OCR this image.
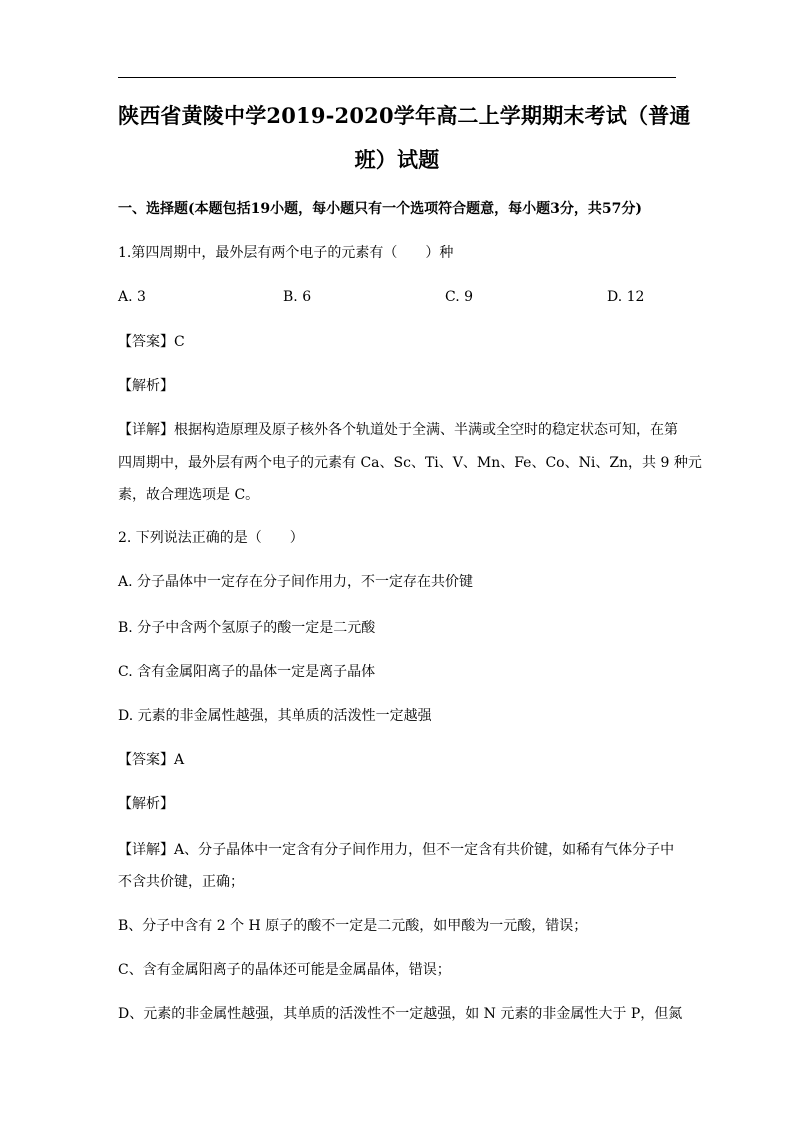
陕西省黄陵中学2019-2020学年高二上学期期末考试（普通
班）试题
一、选择题(本题包括19小题，每小题只有一个选项符合题意，每小题3分，共57分)
1.第四周期中，最外层有两个电子的元素有（　　）种
A. 3	B. 6	C. 9	D. 12
【答案】C
【解析】
【详解】根据构造原理及原子核外各个轨道处于全满、半满或全空时的稳定状态可知，在第
四周期中，最外层有两个电子的元素有 Ca、Sc、Ti、V、Mn、Fe、Co、Ni、Zn，共 9 种元
素，故合理选项是 C。
2. 下列说法正确的是（　　）
A. 分子晶体中一定存在分子间作用力，不一定存在共价键
B. 分子中含两个氢原子的酸一定是二元酸
C. 含有金属阳离子的晶体一定是离子晶体
D. 元素的非金属性越强，其单质的活泼性一定越强
【答案】A
【解析】
【详解】A、分子晶体中一定含有分子间作用力，但不一定含有共价键，如稀有气体分子中
不含共价键，正确；
B、分子中含有 2 个 H 原子的酸不一定是二元酸，如甲酸为一元酸，错误；
C、含有金属阳离子的晶体还可能是金属晶体，错误；
D、元素的非金属性越强，其单质的活泼性不一定越强，如 N 元素的非金属性大于 P，但氮
